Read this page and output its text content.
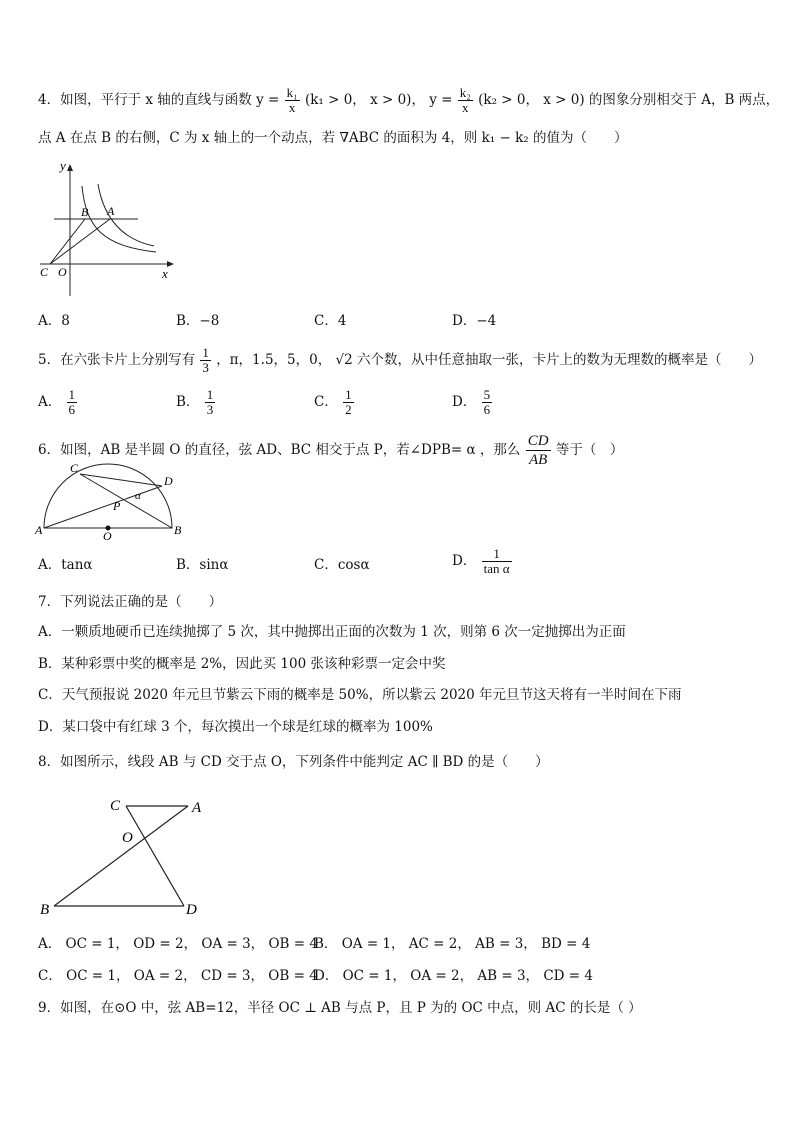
4．如图，平行于 x 轴的直线与函数 $y = \frac{\text{k₁}}{x} (k_1 > 0$， x > 0)， $y = \frac{\text{k₂}}{x} (k_2 > 0$， x > 0) 的图象分别相交于 A，B 两点，
点 A 在点 B 的右侧，C 为 x 轴上的一个动点，若 ∇ABC 的面积为 4，则 k₁ − k₂ 的值为（　　）
y
x
B A
C O
A．8	B．−8	C．4	D．−4
5．在六张卡片上分别写有 $\frac{1}{3}$ ，π，1.5，5，0， √2 六个数，从中任意抽取一张，卡片上的数为无理数的概率是（　　）
A． $\frac{1}{6}$	B． $\frac{1}{3}$	C． $\frac{1}{2}$	D． $\frac{5}{6}$
6．如图，AB 是半圆 O 的直径，弦 AD、BC 相交于点 P，若∠DPB= α ，那么 $\frac{CD}{AB}$ 等于（　）
C
D
P
α
A	O	B
A．tanα	B．sinα	C．cosα	D． $\frac{1}{\text{tan α}}$
7．下列说法正确的是（　　）
A．一颗质地硬币已连续抛掷了 5 次，其中抛掷出正面的次数为 1 次，则第 6 次一定抛掷出为正面
B．某种彩票中奖的概率是 2%，因此买 100 张该种彩票一定会中奖
C．天气预报说 2020 年元旦节紫云下雨的概率是 50%，所以紫云 2020 年元旦节这天将有一半时间在下雨
D．某口袋中有红球 3 个，每次摸出一个球是红球的概率为 100%
8．如图所示，线段 AB 与 CD 交于点 O，下列条件中能判定 AC ∥ BD 的是（　　）
C	A
O
B	D
A． OC = 1， OD = 2， OA = 3， OB = 4
B． OA = 1， AC = 2， AB = 3， BD = 4
C． OC = 1， OA = 2， CD = 3， OB = 4
D． OC = 1， OA = 2， AB = 3， CD = 4
9．如图，在⊙O 中，弦 AB=12，半径 OC ⊥ AB 与点 P，且 P 为的 OC 中点，则 AC 的长是（ ）
